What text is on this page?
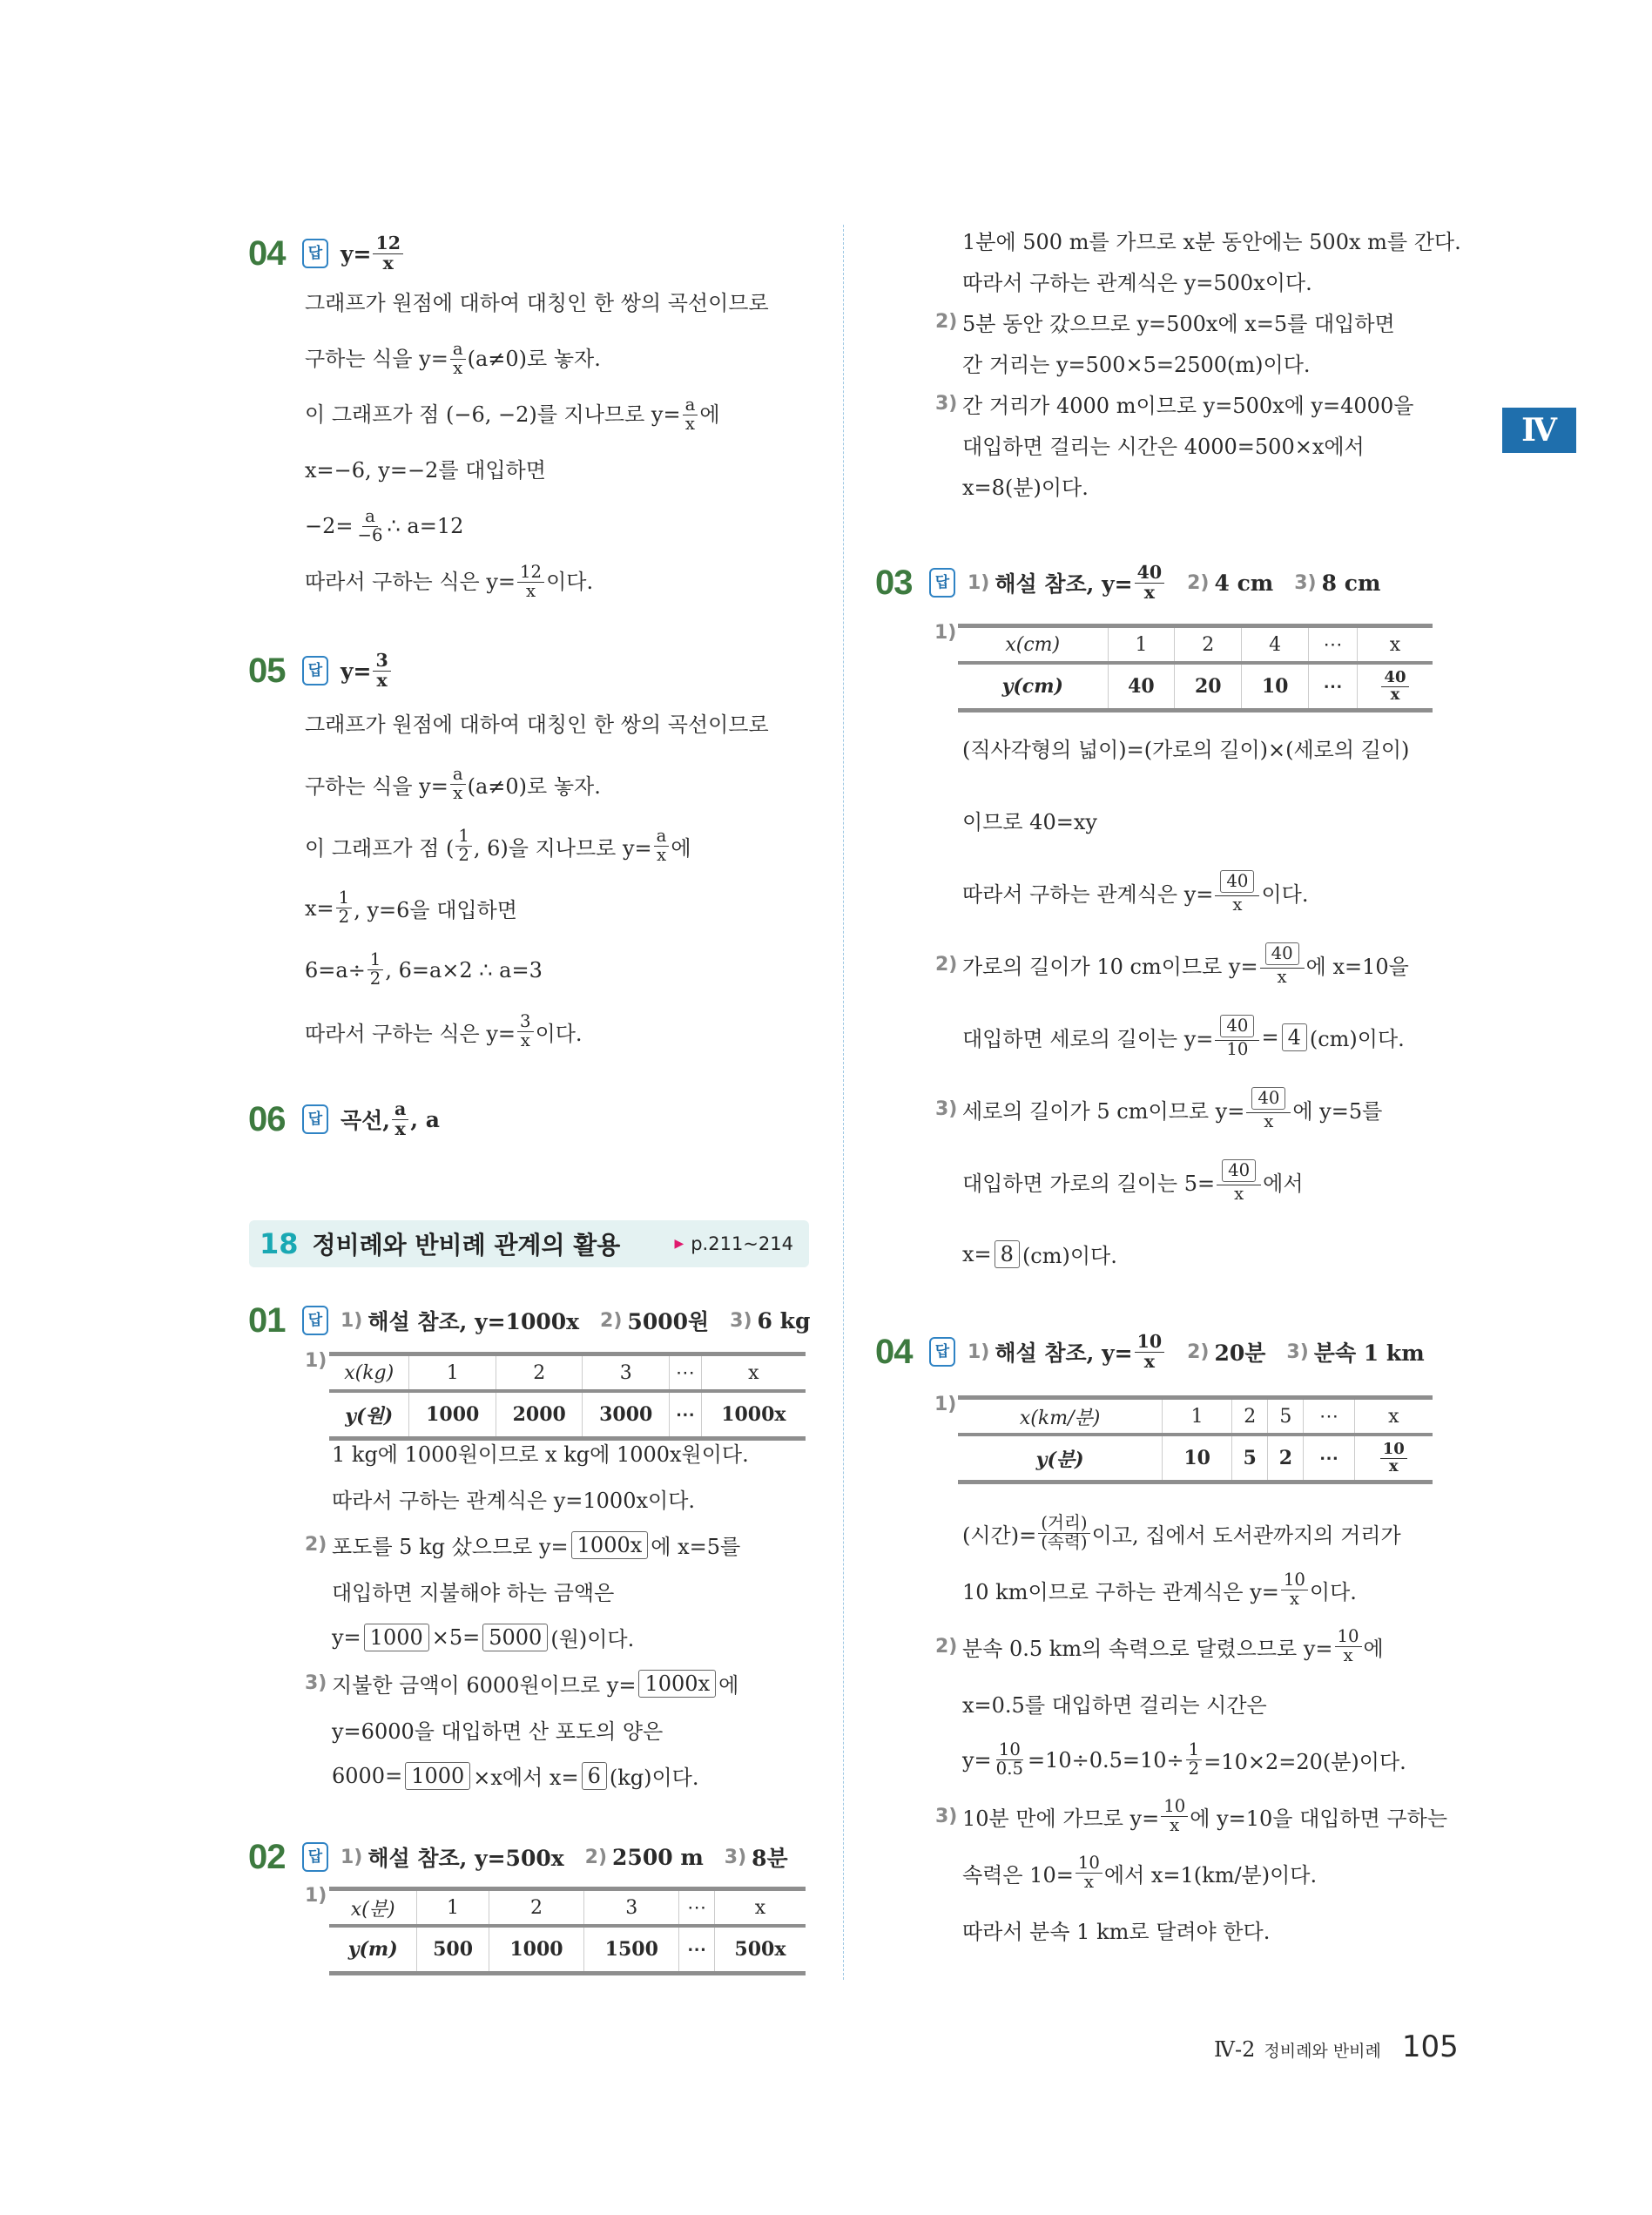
04	답 $y= \frac{12}{x}$
그래프가 원점에 대하여 대칭인 한 쌍의 곡선이므로
구하는 식을 $y= \frac{a}{x} (a\ne 0)$로 놓자.
이 그래프가 점 (−6, −2)를 지나므로 $y= \frac{a}{x}$ 에
x=−6, y=−2를 대입하면
$-2= \frac{a}{-6}$ ∴ a=12
따라서 구하는 식은 $y= \frac{12}{x}$ 이다.
05	답 $y= \frac{3}{x}$
그래프가 원점에 대하여 대칭인 한 쌍의 곡선이므로
구하는 식을 $y= \frac{a}{x} (a\ne 0)$로 놓자.
이 그래프가 점 ( $\frac{1}{2}$ , 6)을 지나므로 $y= \frac{a}{x}$ 에
$x= \frac{1}{2}$ , y=6을 대입하면
$6=a\div \frac{1}{2}$ , 6=a×2 ∴ a=3
따라서 구하는 식은 $y= \frac{3}{x}$ 이다.
06	답 곡선, $\frac{a}{x}$ , a
18 정비례와 반비례 관계의 활용	▶ p.211~214
01	답 1) 해설 참조, y=1000x 2) 5000원 3) 6 kg
1)
x(kg)	1	2	3	⋯	x
y(원)	1000	2000	3000	⋯	1000x
1 kg에 1000원이므로 x kg에 1000x원이다.
따라서 구하는 관계식은 y=1000x이다.
2) 포도를 5 kg 샀으므로 y= 1000x 에 x=5를
대입하면 지불해야 하는 금액은
y= 1000 ×5= 5000 (원)이다.
3) 지불한 금액이 6000원이므로 y= 1000x 에
y=6000을 대입하면 산 포도의 양은
6000= 1000 ×x에서 x= 6 (kg)이다.
02	답 1) 해설 참조, y=500x 2) 2500 m 3) 8분
1)
x(분)	1	2	3	⋯	x
y(m)	500	1000	1500	⋯	500x
1분에 500 m를 가므로 x분 동안에는 500x m를 간다.
따라서 구하는 관계식은 y=500x이다.
2) 5분 동안 갔으므로 y=500x에 x=5를 대입하면
간 거리는 y=500×5=2500(m)이다.
3) 간 거리가 4000 m이므로 y=500x에 y=4000을
대입하면 걸리는 시간은 4000=500×x에서
x=8(분)이다.
03	답 1) 해설 참조, $y= \frac{40}{x} 2$) 4 cm 3) 8 cm
1)
x(cm)	1	2	4	⋯	x
y(cm)	40	20	10	⋯	$\frac{40}{x}$
(직사각형의 넓이)=(가로의 길이)×(세로의 길이)
이므로 40=xy
따라서 구하는 관계식은 $y= \frac{40}{x}$ 이다.
2) 가로의 길이가 10 cm이므로 $y= \frac{40}{x}$ 에 x=10을
대입하면 세로의 길이는 $y= \frac{40}{10} = 4$ (cm)이다.
3) 세로의 길이가 5 cm이므로 $y= \frac{40}{x}$ 에 y=5를
대입하면 가로의 길이는 $5= \frac{40}{x}$ 에서
x= 8 (cm)이다.
04	답 1) 해설 참조, $y= \frac{10}{x} 2$) 20분 3) 분속 1 km
1)
x(km/분)	1	2	5	⋯	x
y(분)	10	5	2	⋯	$\frac{10}{x}$
(시간)=
(거리)
(속력) 이고, 집에서 도서관까지의 거리가
10 km이므로 구하는 관계식은 $y= \frac{10}{x}$ 이다.
2) 분속 0.5 km의 속력으로 달렸으므로 $y= \frac{10}{x}$ 에
x=0.5를 대입하면 걸리는 시간은
$y= \frac{10}{0.5} =10\div 0.5=10\div \frac{1}{2} =10\times 2=20$(분)이다.
3) 10분 만에 가므로 $y= \frac{10}{x}$ 에 y=10을 대입하면 구하는
속력은 $10= \frac{10}{x}$ 에서 x=1(km/분)이다.
따라서 분속 1 km로 달려야 한다.
Ⅳ
Ⅳ-2 정비례와 반비례 105
